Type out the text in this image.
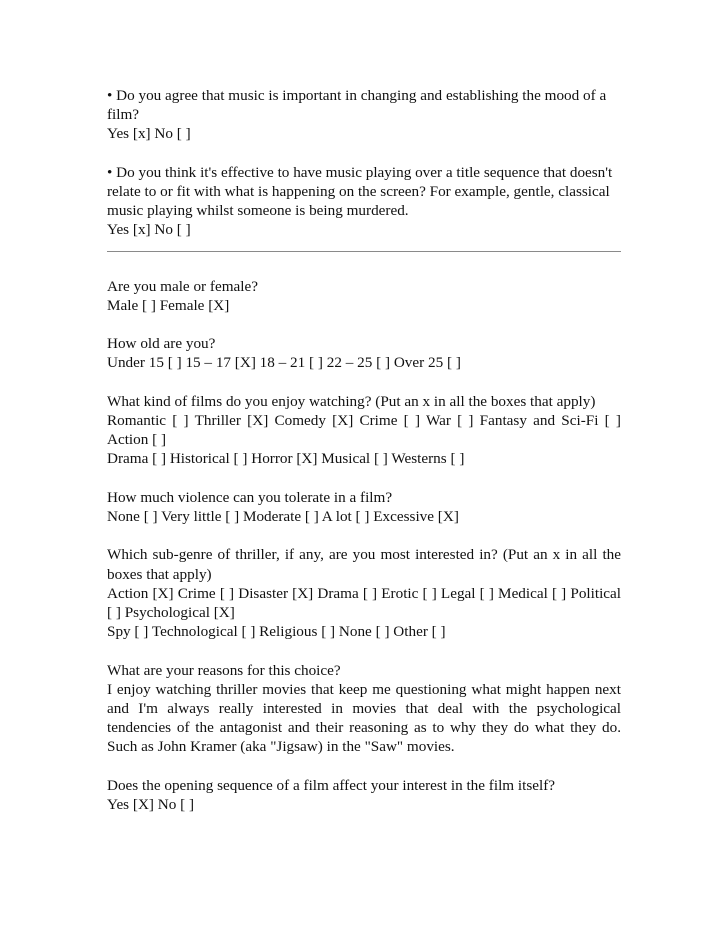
• Do you agree that music is important in changing and establishing the mood of a film?
Yes [x] No [ ]
• Do you think it's effective to have music playing over a title sequence that doesn't relate to or fit with what is happening on the screen? For example, gentle, classical music playing whilst someone is being murdered.
Yes [x] No [ ]
Are you male or female?
Male [ ] Female [X]
How old are you?
Under 15 [ ] 15 – 17 [X] 18 – 21 [ ] 22 – 25 [ ] Over 25 [ ]
What kind of films do you enjoy watching? (Put an x in all the boxes that apply)
Romantic [ ] Thriller [X] Comedy [X] Crime [ ] War [ ] Fantasy and Sci-Fi [ ] Action [ ]
Drama [ ] Historical [ ] Horror [X] Musical [ ] Westerns [ ]
How much violence can you tolerate in a film?
None [ ] Very little [ ] Moderate [ ] A lot [ ] Excessive [X]
Which sub-genre of thriller, if any, are you most interested in? (Put an x in all the boxes that apply)
Action [X] Crime [ ] Disaster [X] Drama [ ] Erotic [ ] Legal [ ] Medical [ ] Political [ ] Psychological [X]
Spy [ ] Technological [ ] Religious [ ] None [ ] Other [ ]
What are your reasons for this choice?
I enjoy watching thriller movies that keep me questioning what might happen next and I'm always really interested in movies that deal with the psychological tendencies of the antagonist and their reasoning as to why they do what they do. Such as John Kramer (aka "Jigsaw) in the "Saw" movies.
Does the opening sequence of a film affect your interest in the film itself?
Yes [X] No [ ]
